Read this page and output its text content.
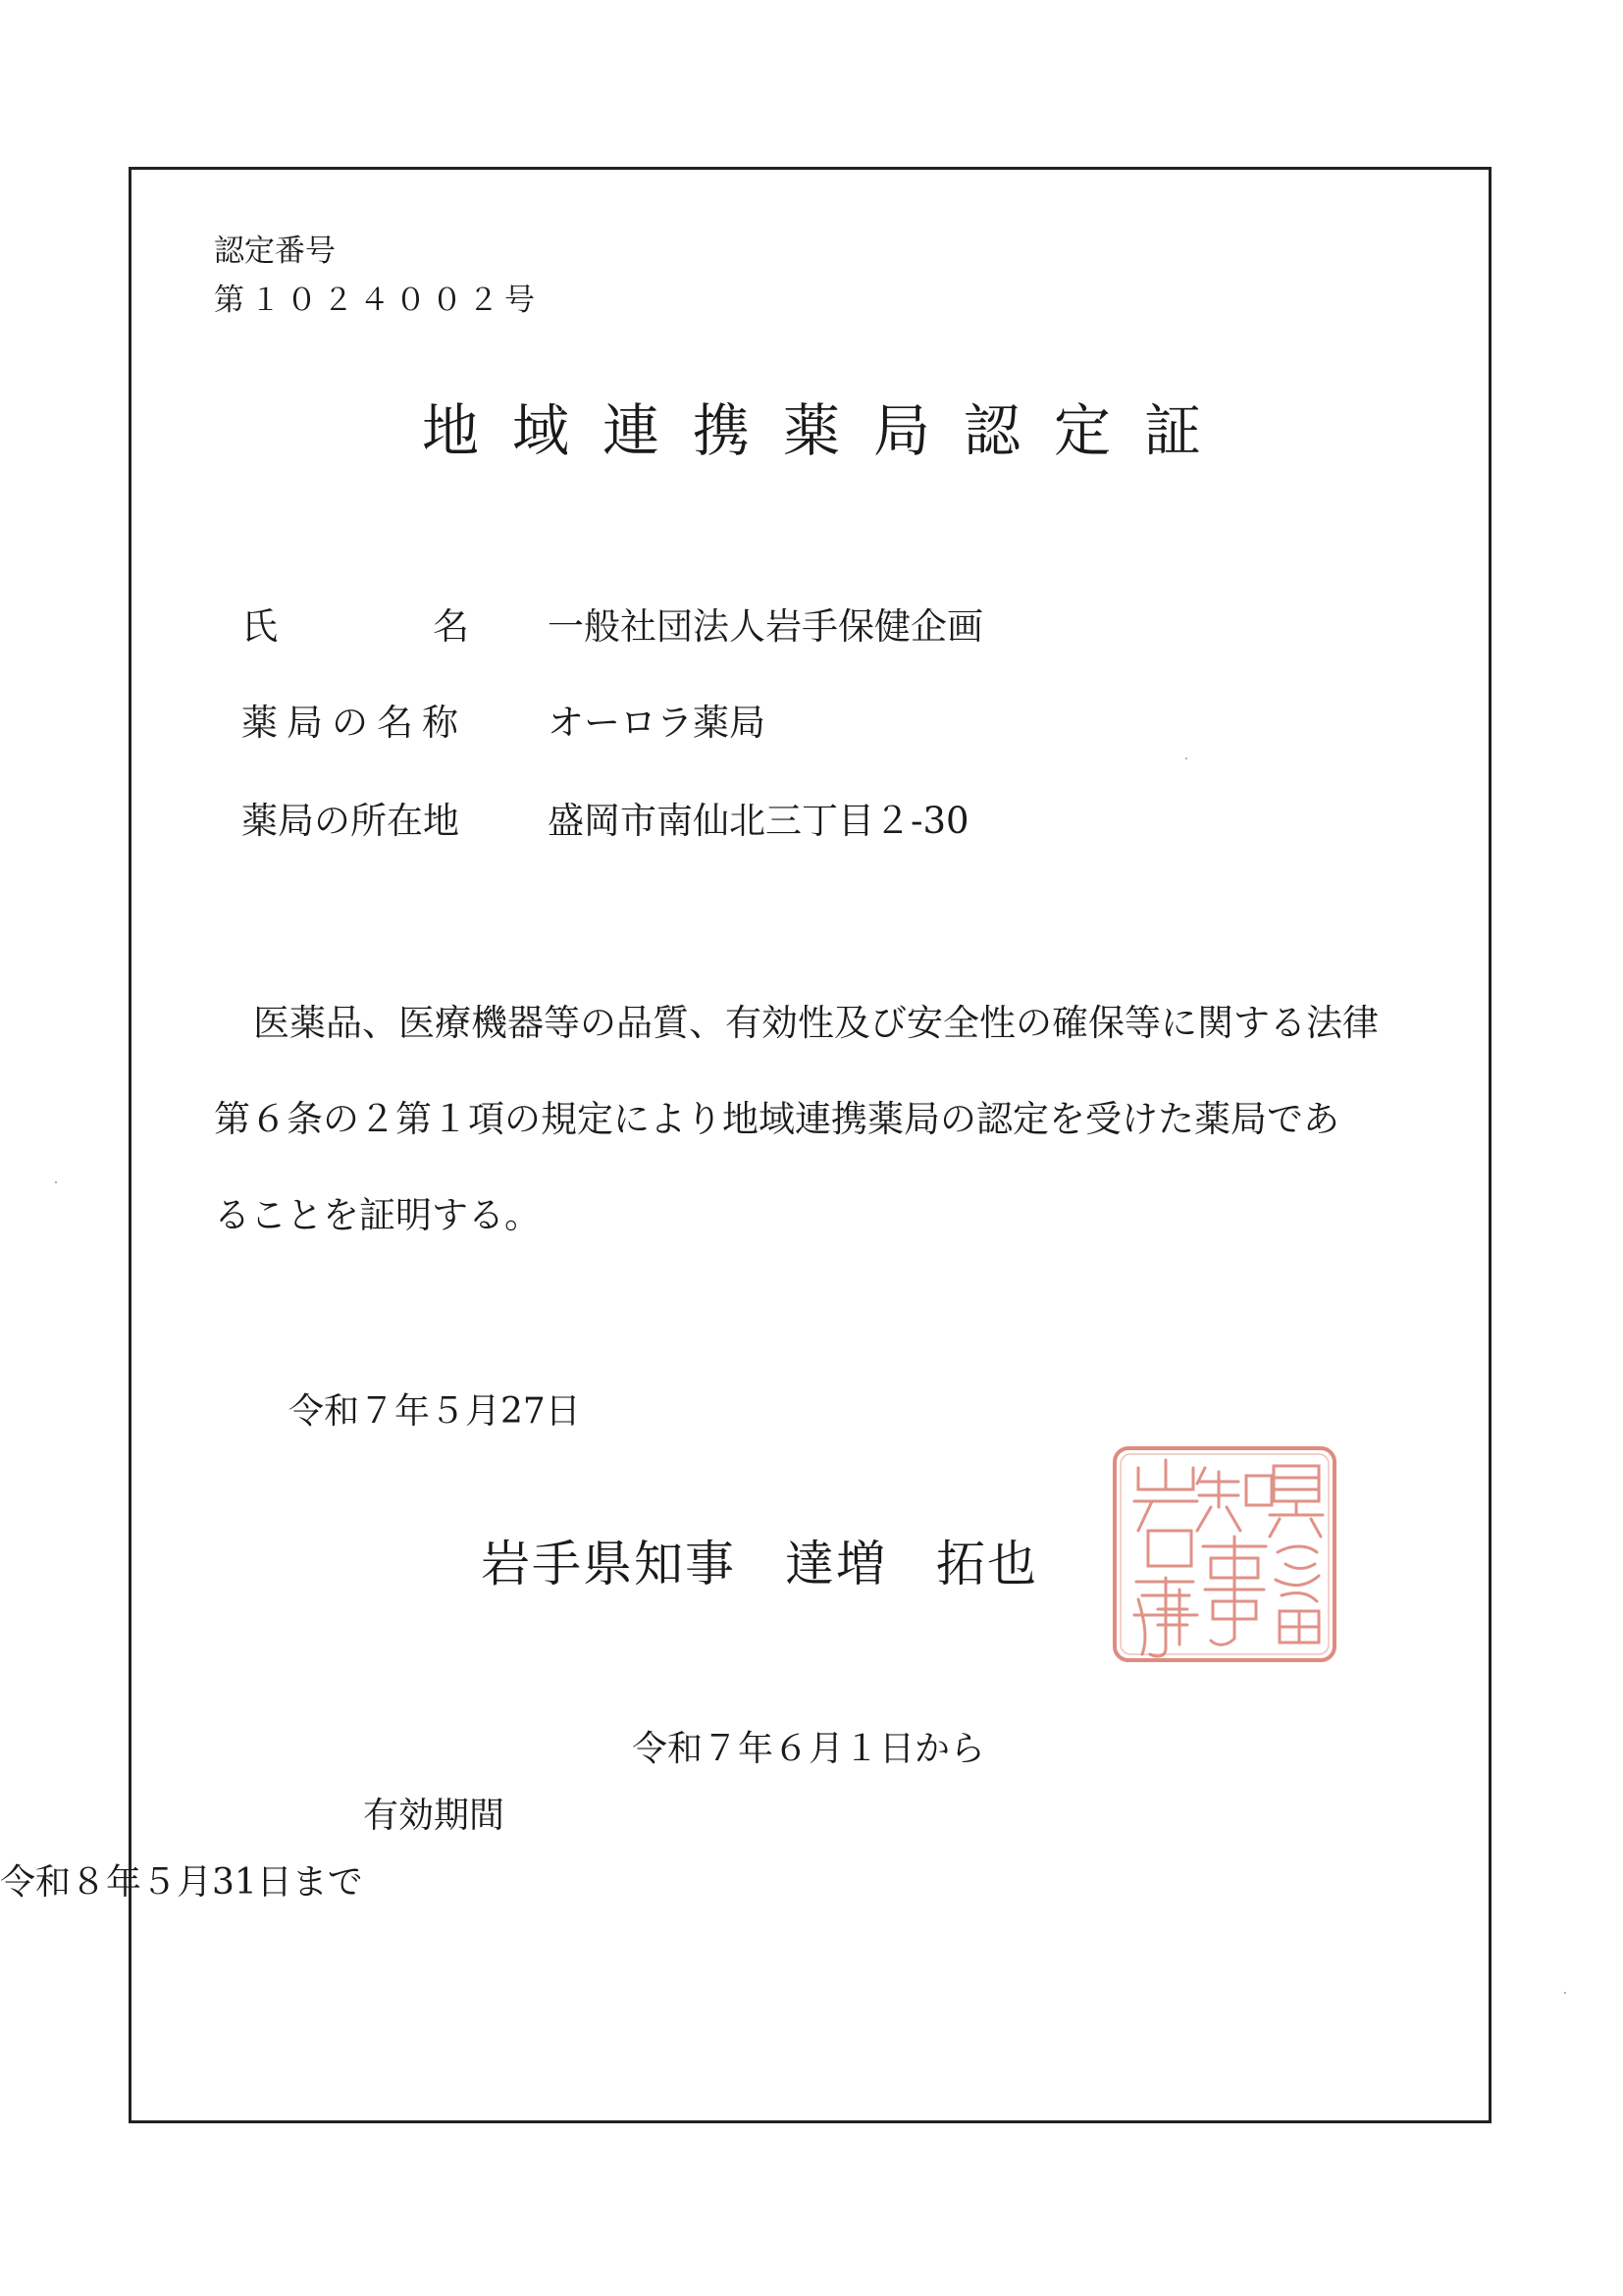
認定番号
第１０２４００２号
地域連携薬局認定証
氏	名 一般社団法人岩手保健企画
薬局の名称 オーロラ薬局
薬局の所在地 盛岡市南仙北三丁目２-30
医薬品、医療機器等の品質、有効性及び安全性の確保等に関する法律
第６条の２第１項の規定により地域連携薬局の認定を受けた薬局であ
ることを証明する。
令和７年５月27日
岩手県知事 達増 拓也
令和７年６月１日から
有効期間
令和８年５月31日まで
